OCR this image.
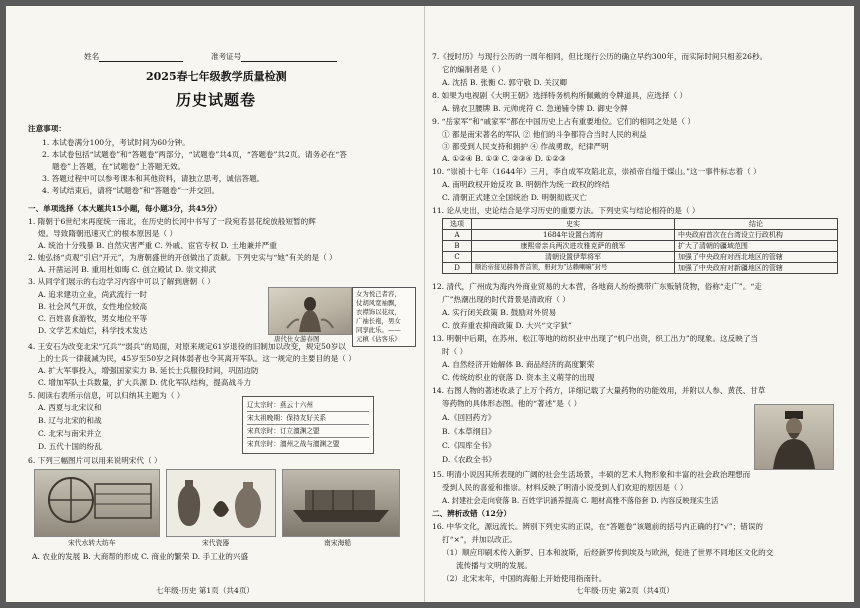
姓名	准考证号
2025春七年级教学质量检测
历史试题卷
注意事项：
1. 本试卷满分100分，考试时间为60分钟。
2. 本试卷包括“试题卷”和“答题卷”两部分，“试题卷”共4页，“答题卷”共2页。请务必在“答
题卷”上答题，在“试题卷”上答题无效。
3. 答题过程中可以参考课本和其他资料，请独立思考，诚信答题。
4. 考试结束后，请将“试题卷”和“答题卷”一并交回。
一、单项选择（本大题共15小题，每小题3分，共45分）
1. 隋朝于6世纪末再度统一南北，在历史的长河中书写了一段宛若昙花绽放般短暂的辉
煌。导致隋朝迅速灭亡的根本原因是（ ）
A. 统治十分残暴 B. 自然灾害严重 C. 外戚、宦官专权 D. 土地兼并严重
2. 她弘扬“贞观”引启“开元”，为唐朝盛世的开创做出了贡献。下列史实与“她”有关的是（ ）
A. 开凿运河 B. 重用杜如晦 C. 创立殿试 D. 崇文抑武
3. 从同学们展示的右边学习内容中可以了解到唐朝（ ）
A. 追求建功立业，尚武流行一时
B. 社会风气开放，女性地位较高
C. 百姓喜食游牧，男女地位平等
D. 文学艺术灿烂，科学技术发达
唐代仕女游春图
女为悦己者容，
仗胡风宽袖飘，
衣襟饰以花纹，
广袖长袍，男女
同享此乐。——
元稹《估客乐》
4. 王安石为改变北宋“冗兵”“弱兵”的局面，对原来规定61岁退役的旧制加以改变，规定50岁以
上的士兵一律裁减为民，45岁至50岁之间体弱者也令其离开军队。这一规定的主要目的是（ ）
A. 扩大军事投入，增强国家实力 B. 延长士兵服役时间，巩固边防
C. 增加军队士兵数量，扩大兵源 D. 优化军队结构，提高战斗力
5. 阅读右表所示信息，可以归纳其主题为（ ）
A. 西夏与北宋议和
B. 辽与北宋的和战
C. 北宋与南宋并立
D. 五代十国的纷乱
辽太宗时：燕云十六州
宋太祖晚期：保持友好关系
宋真宗时：订立澶渊之盟
宋真宗时：澶州之战与澶渊之盟
6. 下列三幅图片可以用来说明宋代（ ）
宋代水转大纺车	宋代瓷器	南宋海船
A. 农业的发展 B. 大商帮的形成 C. 商业的繁荣 D. 手工业的兴盛
七年级·历史 第1页（共4页）
7.《授时历》与现行公历的一周年相同，但比现行公历的确立早约300年，而实际时间只相差26秒。
它的编制者是（ ）
A. 沈括 B. 张衡 C. 郭守敬 D. 关汉卿
8. 如果为电视剧《大明王朝》选择特务机构所佩戴的令牌道具，应选择（ ）
A. 锦衣卫腰牌 B. 元帅虎符 C. 急递铺令牌 D. 御史令牌
9. “岳家军”和“戚家军”都在中国历史上占有重要地位。它们的相同之处是（ ）
① 都是南宋著名的军队 ② 他们的斗争都符合当时人民的利益
③ 都受到人民支持和拥护 ④ 作战勇敢，纪律严明
A. ①②④ B. ①③ C. ②③④ D. ①②③
10. “崇祯十七年（1644年）三月，李自成军攻陷北京，崇祯帝自缢于煤山。”这一事件标志着（ ）
A. 南明政权开始反攻 B. 明朝作为统一政权的终结
C. 清朝正式建立全国统治 D. 明朝彻底灭亡
11. 论从史出，史论结合是学习历史的重要方法。下列史实与结论相符的是（ ）
选项	史实	结论
A	1684年设置台湾府	中央政府首次在台湾设立行政机构
B	康熙帝亲兵两次进攻雅克萨的俄军	扩大了清朝的疆域范围
C	清朝设置伊犁将军	加强了中央政府对西北地区的管辖
D	顺治帝接见赫鲁普首领，册封为“达赖喇嘛”封号	加强了中央政府对新疆地区的管辖
12. 清代，广州成为海内外商业贸易的大本营，各地商人纷纷携带广东贩销货物，俗称“走广”。“走
广”热潮出现的时代背景是清政府（ ）
A. 实行闭关政策 B. 鼓励对外贸易
C. 放弃重农抑商政策 D. 大兴“文字狱”
13. 明朝中后期，在苏州、松江等地的纺织业中出现了“机户出资，织工出力”的现象。这反映了当
时（ ）
A. 自然经济开始解体 B. 商品经济的高度繁荣
C. 传统纺织业的衰落 D. 资本主义萌芽的出现
14. 右图人物的著述收录了上万个药方，详细记载了大量药物的功能效用，并附以人参、黄芪、甘草
等药物的具体形态图。他的“著述”是（ ）
A.《回回药方》
B.《本草纲目》
C.《四库全书》
D.《农政全书》
15. 明清小说因其所表现的广阔的社会生活场景，丰硕的艺术人物形象和丰富的社会政治理想而
受到人民的喜爱和推崇。材料反映了明清小说受到人们欢迎的原因是（ ）
A. 封建社会走向衰落 B. 百姓学识涵养提高 C. 题材高雅不落俗套 D. 内容反映现实生活
二、辨析改错（12分）
16. 中华文化，源远流长。辨别下列史实的正误，在“答题卷”该题前的括号内正确的打“√”；错误的
打“×”，并加以改正。
（1）顺应印刷术传入新罗、日本和波斯，后经新罗传到埃及与欧洲，促进了世界不同地区文化的交
流传播与文明的发展。
（2）北宋末年，中国的海船上开始使用指南针。
七年级·历史 第2页（共4页）
